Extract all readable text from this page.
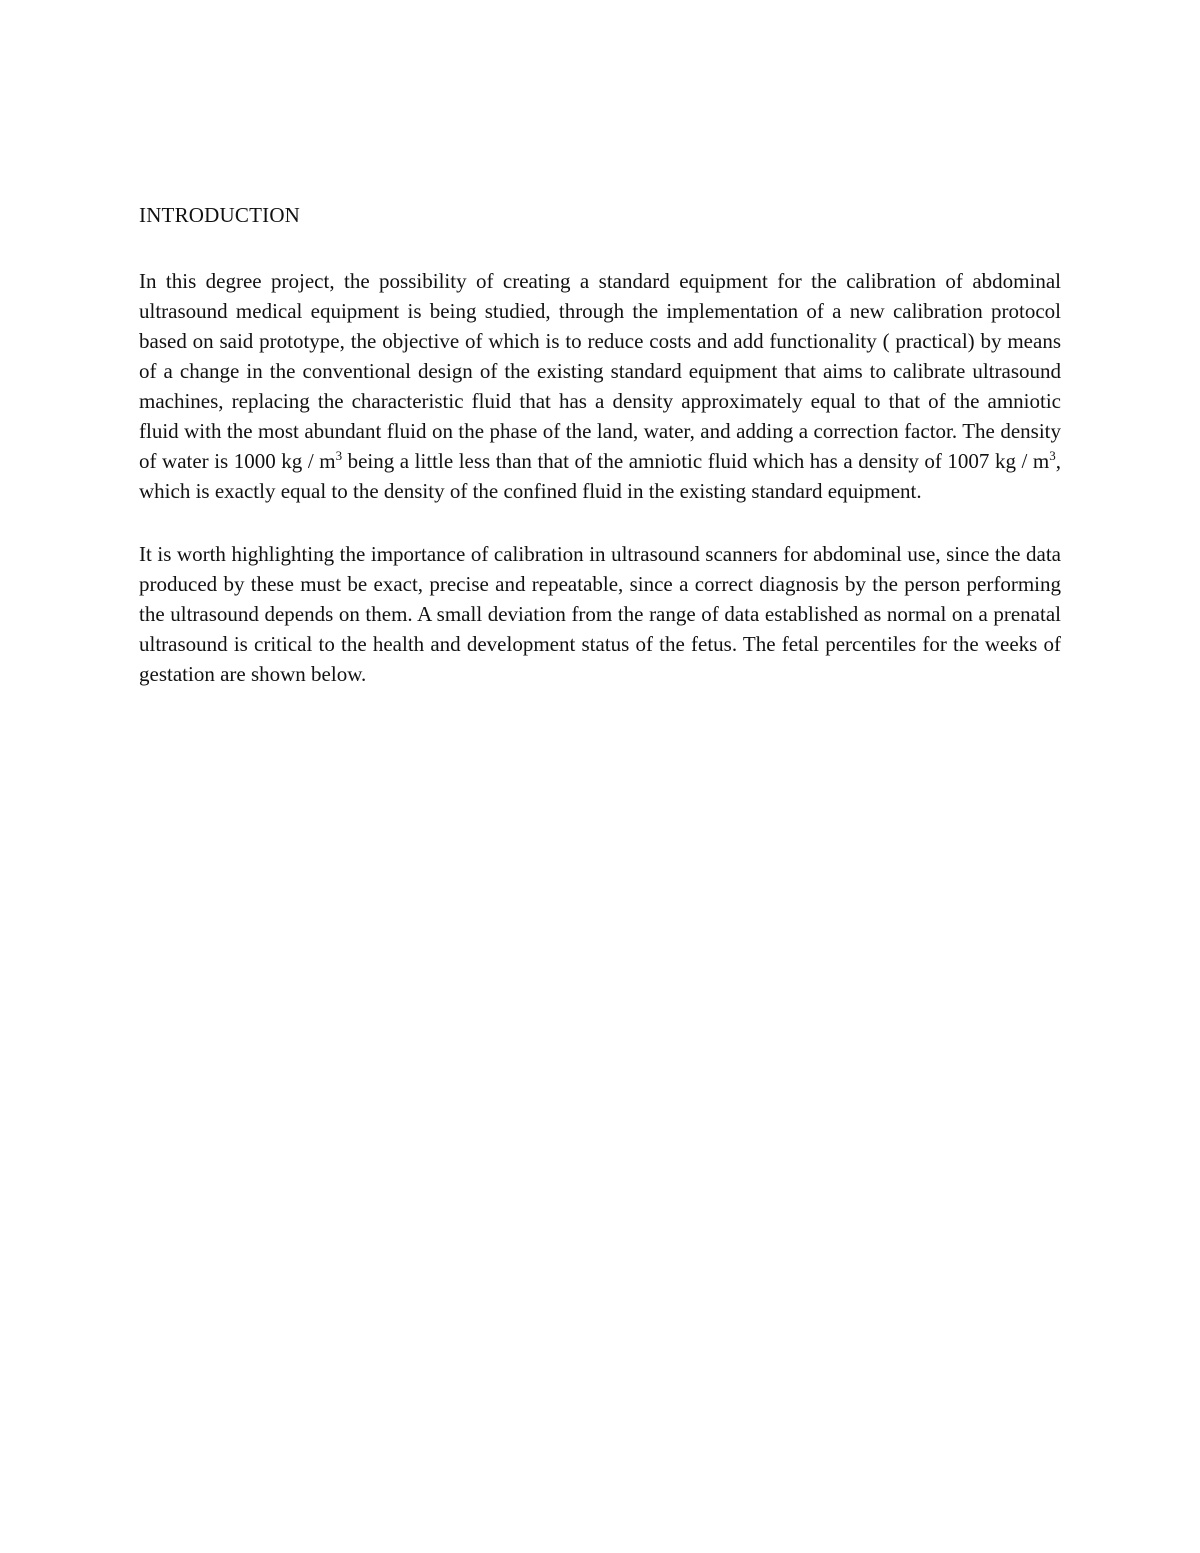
INTRODUCTION

In this degree project, the possibility of creating a standard equipment for the calibration of abdominal ultrasound medical equipment is being studied, through the implementation of a new calibration protocol based on said prototype, the objective of which is to reduce costs and add functionality ( practical) by means of a change in the conventional design of the existing standard equipment that aims to calibrate ultrasound machines, replacing the characteristic fluid that has a density approximately equal to that of the amniotic fluid with the most abundant fluid on the phase of the land, water, and adding a correction factor. The density of water is 1000 kg / $m^3$ being a little less than that of the amniotic fluid which has a density of 1007 kg / $m^3$, which is exactly equal to the density of the confined fluid in the existing standard equipment.

It is worth highlighting the importance of calibration in ultrasound scanners for abdominal use, since the data produced by these must be exact, precise and repeatable, since a correct diagnosis by the person performing the ultrasound depends on them. A small deviation from the range of data established as normal on a prenatal ultrasound is critical to the health and development status of the fetus. The fetal percentiles for the weeks of gestation are shown below.
